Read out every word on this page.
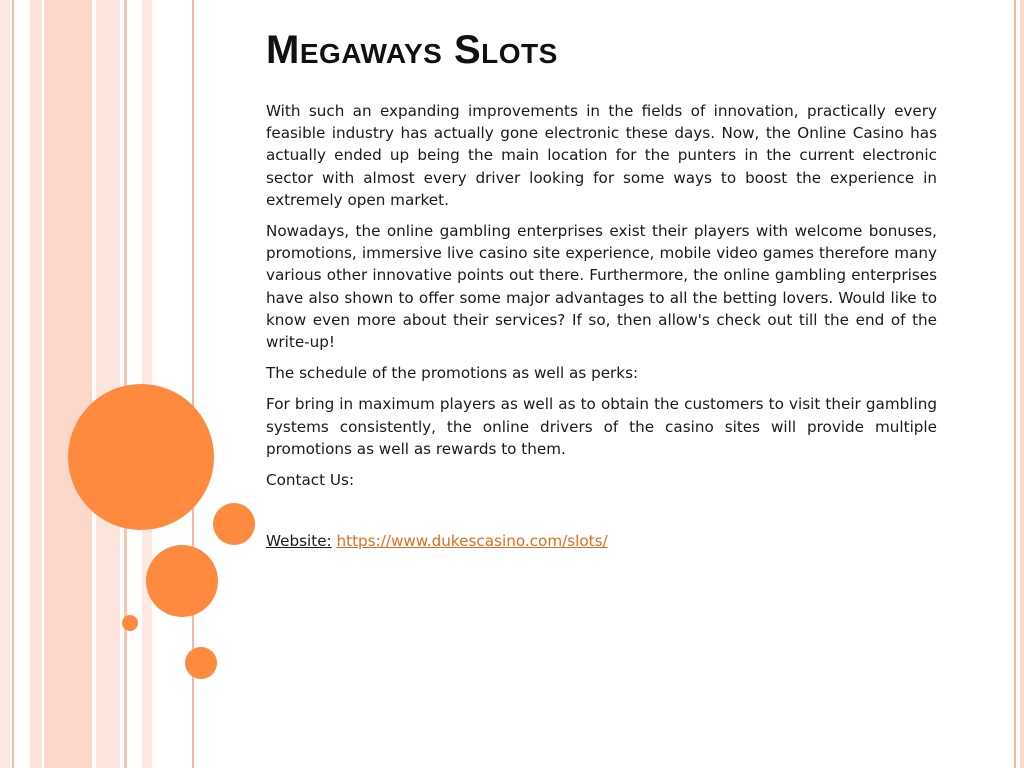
Megaways Slots

With such an expanding improvements in the fields of innovation, practically every feasible industry has actually gone electronic these days. Now, the Online Casino has actually ended up being the main location for the punters in the current electronic sector with almost every driver looking for some ways to boost the experience in extremely open market.

Nowadays, the online gambling enterprises exist their players with welcome bonuses, promotions, immersive live casino site experience, mobile video games therefore many various other innovative points out there. Furthermore, the online gambling enterprises have also shown to offer some major advantages to all the betting lovers. Would like to know even more about their services? If so, then allow's check out till the end of the write-up!

The schedule of the promotions as well as perks:

For bring in maximum players as well as to obtain the customers to visit their gambling systems consistently, the online drivers of the casino sites will provide multiple promotions as well as rewards to them.

Contact Us:

Website: https://www.dukescasino.com/slots/
